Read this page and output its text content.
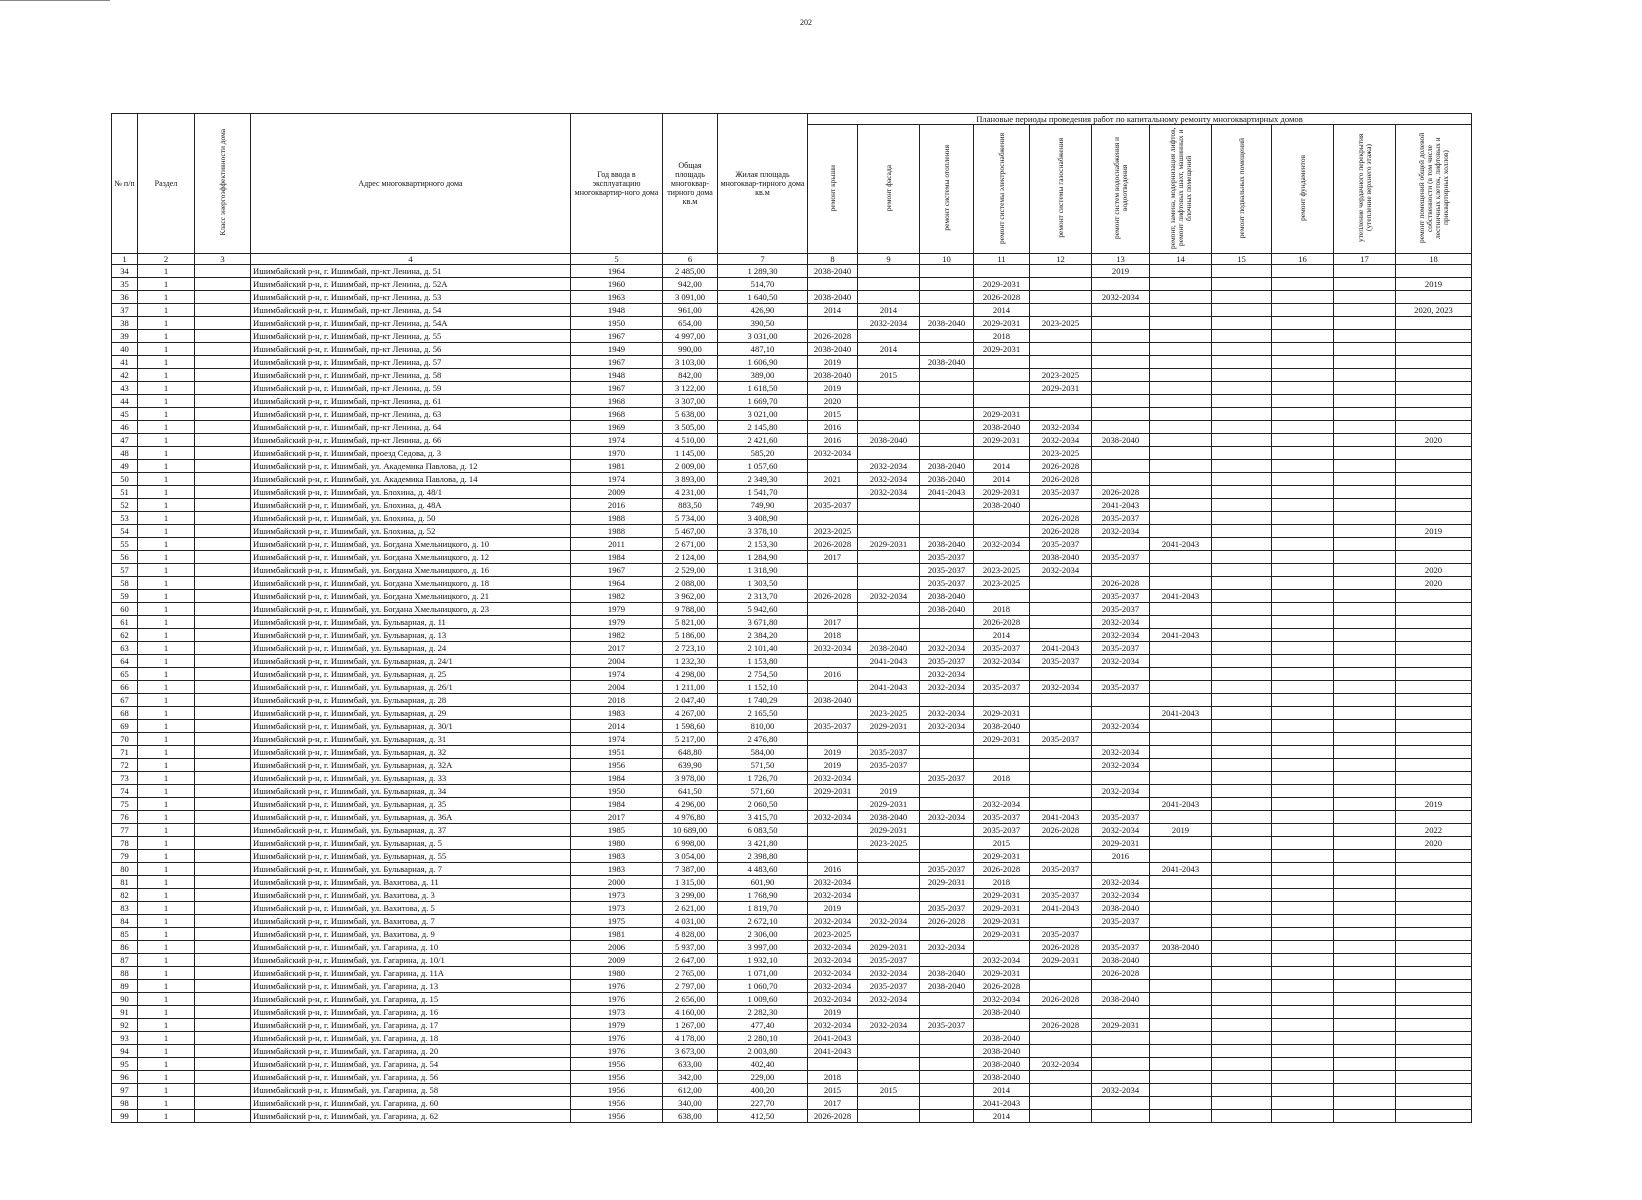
202
№ п/п	Раздел	Класс энергоэффективности дома	Адрес многоквартирного дома	Год ввода в эксплуатацию многоквартир-ного дома	Общая площадь многоквар-тирного дома кв.м	Жилая площадь многоквар-тирного дома кв.м	Плановые периоды проведения работ по капитальному ремонту многоквартирных домов										
							ремонт крыши	ремонт фасада	ремонт системы отопления	ремонт системы электроснабжения	ремонт системы газоснабжения	ремонт систем водоснабжения и водоотведения	ремонт, замена, модернизация лифтов, ремонт лифтовых шахт, машинных и блочных помещений	ремонт подвальных помещений	ремонт фундаментов	утепление чердачного перекрытия (утепление верхнего этажа)	ремонт помещений общей долевой собственности (в том числе лестничных клеток, лифтовых и приквартирных холлов)
1	2	3	4	5	6	7	8	9	10	11	12	13	14	15	16	17	18
34	1		Ишимбайский р-н, г. Ишимбай, пр-кт Ленина, д. 51	1964	2 485,00	1 289,30	2038-2040					2019					
35	1		Ишимбайский р-н, г. Ишимбай, пр-кт Ленина, д. 52А	1960	942,00	514,70				2029-2031							2019
36	1		Ишимбайский р-н, г. Ишимбай, пр-кт Ленина, д. 53	1963	3 091,00	1 640,50	2038-2040			2026-2028		2032-2034					
37	1		Ишимбайский р-н, г. Ишимбай, пр-кт Ленина, д. 54	1948	961,00	426,90	2014	2014		2014							2020, 2023
38	1		Ишимбайский р-н, г. Ишимбай, пр-кт Ленина, д. 54А	1950	654,00	390,50		2032-2034	2038-2040	2029-2031	2023-2025						
39	1		Ишимбайский р-н, г. Ишимбай, пр-кт Ленина, д. 55	1967	4 997,00	3 031,00	2026-2028			2018							
40	1		Ишимбайский р-н, г. Ишимбай, пр-кт Ленина, д. 56	1949	990,00	487,10	2038-2040	2014		2029-2031							
41	1		Ишимбайский р-н, г. Ишимбай, пр-кт Ленина, д. 57	1967	3 103,00	1 606,90	2019		2038-2040								
42	1		Ишимбайский р-н, г. Ишимбай, пр-кт Ленина, д. 58	1948	842,00	389,00	2038-2040	2015			2023-2025						
43	1		Ишимбайский р-н, г. Ишимбай, пр-кт Ленина, д. 59	1967	3 122,00	1 618,50	2019				2029-2031						
44	1		Ишимбайский р-н, г. Ишимбай, пр-кт Ленина, д. 61	1968	3 307,00	1 669,70	2020										
45	1		Ишимбайский р-н, г. Ишимбай, пр-кт Ленина, д. 63	1968	5 638,00	3 021,00	2015			2029-2031							
46	1		Ишимбайский р-н, г. Ишимбай, пр-кт Ленина, д. 64	1969	3 505,00	2 145,80	2016			2038-2040	2032-2034						
47	1		Ишимбайский р-н, г. Ишимбай, пр-кт Ленина, д. 66	1974	4 510,00	2 421,60	2016	2038-2040		2029-2031	2032-2034	2038-2040					2020
48	1		Ишимбайский р-н, г. Ишимбай, проезд Седова, д. 3	1970	1 145,00	585,20	2032-2034				2023-2025						
49	1		Ишимбайский р-н, г. Ишимбай, ул. Академика Павлова, д. 12	1981	2 009,00	1 057,60		2032-2034	2038-2040	2014	2026-2028						
50	1		Ишимбайский р-н, г. Ишимбай, ул. Академика Павлова, д. 14	1974	3 893,00	2 349,30	2021	2032-2034	2038-2040	2014	2026-2028						
51	1		Ишимбайский р-н, г. Ишимбай, ул. Блохина, д. 48/1	2009	4 231,00	1 541,70		2032-2034	2041-2043	2029-2031	2035-2037	2026-2028					
52	1		Ишимбайский р-н, г. Ишимбай, ул. Блохина, д. 48А	2016	883,50	749,90	2035-2037			2038-2040		2041-2043					
53	1		Ишимбайский р-н, г. Ишимбай, ул. Блохина, д. 50	1988	5 734,00	3 408,90					2026-2028	2035-2037					
54	1		Ишимбайский р-н, г. Ишимбай, ул. Блохина, д. 52	1988	5 467,00	3 378,10	2023-2025				2026-2028	2032-2034					2019
55	1		Ишимбайский р-н, г. Ишимбай, ул. Богдана Хмельницкого, д. 10	2011	2 671,00	2 153,30	2026-2028	2029-2031	2038-2040	2032-2034	2035-2037		2041-2043				
56	1		Ишимбайский р-н, г. Ишимбай, ул. Богдана Хмельницкого, д. 12	1984	2 124,00	1 284,90	2017		2035-2037		2038-2040	2035-2037					
57	1		Ишимбайский р-н, г. Ишимбай, ул. Богдана Хмельницкого, д. 16	1967	2 529,00	1 318,90			2035-2037	2023-2025	2032-2034						2020
58	1		Ишимбайский р-н, г. Ишимбай, ул. Богдана Хмельницкого, д. 18	1964	2 088,00	1 303,50			2035-2037	2023-2025		2026-2028					2020
59	1		Ишимбайский р-н, г. Ишимбай, ул. Богдана Хмельницкого, д. 21	1982	3 962,00	2 313,70	2026-2028	2032-2034	2038-2040			2035-2037	2041-2043				
60	1		Ишимбайский р-н, г. Ишимбай, ул. Богдана Хмельницкого, д. 23	1979	9 788,00	5 942,60			2038-2040	2018		2035-2037					
61	1		Ишимбайский р-н, г. Ишимбай, ул. Бульварная, д. 11	1979	5 821,00	3 671,80	2017			2026-2028		2032-2034					
62	1		Ишимбайский р-н, г. Ишимбай, ул. Бульварная, д. 13	1982	5 186,00	2 384,20	2018			2014		2032-2034	2041-2043				
63	1		Ишимбайский р-н, г. Ишимбай, ул. Бульварная, д. 24	2017	2 723,10	2 101,40	2032-2034	2038-2040	2032-2034	2035-2037	2041-2043	2035-2037					
64	1		Ишимбайский р-н, г. Ишимбай, ул. Бульварная, д. 24/1	2004	1 232,30	1 153,80		2041-2043	2035-2037	2032-2034	2035-2037	2032-2034					
65	1		Ишимбайский р-н, г. Ишимбай, ул. Бульварная, д. 25	1974	4 298,00	2 754,50	2016		2032-2034								
66	1		Ишимбайский р-н, г. Ишимбай, ул. Бульварная, д. 26/1	2004	1 211,00	1 152,10		2041-2043	2032-2034	2035-2037	2032-2034	2035-2037					
67	1		Ишимбайский р-н, г. Ишимбай, ул. Бульварная, д. 28	2018	2 047,40	1 740,29	2038-2040										
68	1		Ишимбайский р-н, г. Ишимбай, ул. Бульварная, д. 29	1983	4 267,00	2 165,50		2023-2025	2032-2034	2029-2031			2041-2043				
69	1		Ишимбайский р-н, г. Ишимбай, ул. Бульварная, д. 30/1	2014	1 598,60	810,00	2035-2037	2029-2031	2032-2034	2038-2040		2032-2034					
70	1		Ишимбайский р-н, г. Ишимбай, ул. Бульварная, д. 31	1974	5 217,00	2 476,80				2029-2031	2035-2037						
71	1		Ишимбайский р-н, г. Ишимбай, ул. Бульварная, д. 32	1951	648,80	584,00	2019	2035-2037				2032-2034					
72	1		Ишимбайский р-н, г. Ишимбай, ул. Бульварная, д. 32А	1956	639,90	571,50	2019	2035-2037				2032-2034					
73	1		Ишимбайский р-н, г. Ишимбай, ул. Бульварная, д. 33	1984	3 978,00	1 726,70	2032-2034		2035-2037	2018							
74	1		Ишимбайский р-н, г. Ишимбай, ул. Бульварная, д. 34	1950	641,50	571,60	2029-2031	2019				2032-2034					
75	1		Ишимбайский р-н, г. Ишимбай, ул. Бульварная, д. 35	1984	4 296,00	2 060,50		2029-2031		2032-2034			2041-2043				2019
76	1		Ишимбайский р-н, г. Ишимбай, ул. Бульварная, д. 36А	2017	4 976,80	3 415,70	2032-2034	2038-2040	2032-2034	2035-2037	2041-2043	2035-2037					
77	1		Ишимбайский р-н, г. Ишимбай, ул. Бульварная, д. 37	1985	10 689,00	6 083,50		2029-2031		2035-2037	2026-2028	2032-2034	2019				2022
78	1		Ишимбайский р-н, г. Ишимбай, ул. Бульварная, д. 5	1980	6 998,00	3 421,80		2023-2025		2015		2029-2031					2020
79	1		Ишимбайский р-н, г. Ишимбай, ул. Бульварная, д. 55	1983	3 054,00	2 398,80				2029-2031		2016					
80	1		Ишимбайский р-н, г. Ишимбай, ул. Бульварная, д. 7	1983	7 387,00	4 483,60	2016		2035-2037	2026-2028	2035-2037		2041-2043				
81	1		Ишимбайский р-н, г. Ишимбай, ул. Вахитова, д. 11	2000	1 315,00	601,90	2032-2034		2029-2031	2018		2032-2034					
82	1		Ишимбайский р-н, г. Ишимбай, ул. Вахитова, д. 3	1973	3 299,00	1 768,90	2032-2034			2029-2031	2035-2037	2032-2034					
83	1		Ишимбайский р-н, г. Ишимбай, ул. Вахитова, д. 5	1973	2 621,00	1 819,70	2019		2035-2037	2029-2031	2041-2043	2038-2040					
84	1		Ишимбайский р-н, г. Ишимбай, ул. Вахитова, д. 7	1975	4 031,00	2 672,10	2032-2034	2032-2034	2026-2028	2029-2031		2035-2037					
85	1		Ишимбайский р-н, г. Ишимбай, ул. Вахитова, д. 9	1981	4 828,00	2 306,00	2023-2025			2029-2031	2035-2037						
86	1		Ишимбайский р-н, г. Ишимбай, ул. Гагарина, д. 10	2006	5 937,00	3 997,00	2032-2034	2029-2031	2032-2034		2026-2028	2035-2037	2038-2040				
87	1		Ишимбайский р-н, г. Ишимбай, ул. Гагарина, д. 10/1	2009	2 647,00	1 932,10	2032-2034	2035-2037		2032-2034	2029-2031	2038-2040					
88	1		Ишимбайский р-н, г. Ишимбай, ул. Гагарина, д. 11А	1980	2 765,00	1 071,00	2032-2034	2032-2034	2038-2040	2029-2031		2026-2028					
89	1		Ишимбайский р-н, г. Ишимбай, ул. Гагарина, д. 13	1976	2 797,00	1 060,70	2032-2034	2035-2037	2038-2040	2026-2028							
90	1		Ишимбайский р-н, г. Ишимбай, ул. Гагарина, д. 15	1976	2 656,00	1 009,60	2032-2034	2032-2034		2032-2034	2026-2028	2038-2040					
91	1		Ишимбайский р-н, г. Ишимбай, ул. Гагарина, д. 16	1973	4 160,00	2 282,30	2019			2038-2040							
92	1		Ишимбайский р-н, г. Ишимбай, ул. Гагарина, д. 17	1979	1 267,00	477,40	2032-2034	2032-2034	2035-2037		2026-2028	2029-2031					
93	1		Ишимбайский р-н, г. Ишимбай, ул. Гагарина, д. 18	1976	4 178,00	2 280,10	2041-2043			2038-2040							
94	1		Ишимбайский р-н, г. Ишимбай, ул. Гагарина, д. 20	1976	3 673,00	2 003,80	2041-2043			2038-2040							
95	1		Ишимбайский р-н, г. Ишимбай, ул. Гагарина, д. 54	1956	633,00	402,40				2038-2040	2032-2034						
96	1		Ишимбайский р-н, г. Ишимбай, ул. Гагарина, д. 56	1956	342,00	229,00	2018			2038-2040							
97	1		Ишимбайский р-н, г. Ишимбай, ул. Гагарина, д. 58	1956	612,00	400,20	2015	2015		2014		2032-2034					
98	1		Ишимбайский р-н, г. Ишимбай, ул. Гагарина, д. 60	1956	340,00	227,70	2017			2041-2043							
99	1		Ишимбайский р-н, г. Ишимбай, ул. Гагарина, д. 62	1956	638,00	412,50	2026-2028			2014							
